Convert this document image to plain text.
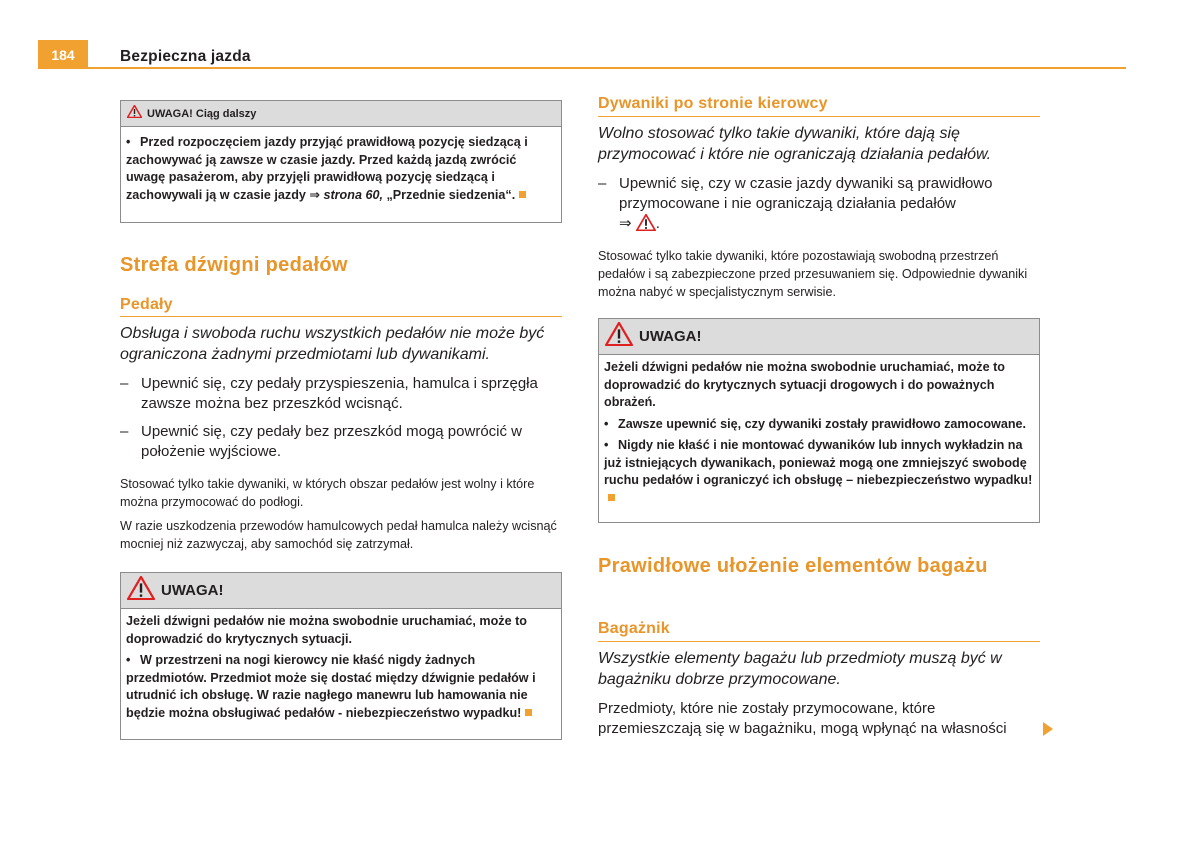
184	Bezpieczna jazda
UWAGA! Ciąg dalszy

• Przed rozpoczęciem jazdy przyjąć prawidłową pozycję siedzącą i zachowywać ją zawsze w czasie jazdy. Przed każdą jazdą zwrócić uwagę pasażerom, aby przyjęli prawidłową pozycję siedzącą i zachowywali ją w czasie jazdy ⇒ strona 60, „Przednie siedzenia“.

Strefa dźwigni pedałów
Pedały
Obsługa i swoboda ruchu wszystkich pedałów nie może być ograniczona żadnymi przedmiotami lub dywanikami.
– Upewnić się, czy pedały przyspieszenia, hamulca i sprzęgła zawsze można bez przeszkód wcisnąć.
– Upewnić się, czy pedały bez przeszkód mogą powrócić w położenie wyjściowe.
Stosować tylko takie dywaniki, w których obszar pedałów jest wolny i które można przymocować do podłogi.
W razie uszkodzenia przewodów hamulcowych pedał hamulca należy wcisnąć mocniej niż zazwyczaj, aby samochód się zatrzymał.
UWAGA!

Jeżeli dźwigni pedałów nie można swobodnie uruchamiać, może to doprowadzić do krytycznych sytuacji.

• W przestrzeni na nogi kierowcy nie kłaść nigdy żadnych przedmiotów. Przedmiot może się dostać między dźwignie pedałów i utrudnić ich obsługę. W razie nagłego manewru lub hamowania nie będzie można obsługiwać pedałów - niebezpieczeństwo wypadku!

Dywaniki po stronie kierowcy
Wolno stosować tylko takie dywaniki, które dają się przymocować i które nie ograniczają działania pedałów.
– Upewnić się, czy w czasie jazdy dywaniki są prawidłowo przymocowane i nie ograniczają działania pedałów
⇒ .
Stosować tylko takie dywaniki, które pozostawiają swobodną przestrzeń pedałów i są zabezpieczone przed przesuwaniem się. Odpowiednie dywaniki można nabyć w specjalistycznym serwisie.
UWAGA!

Jeżeli dźwigni pedałów nie można swobodnie uruchamiać, może to doprowadzić do krytycznych sytuacji drogowych i do poważnych obrażeń.

• Zawsze upewnić się, czy dywaniki zostały prawidłowo zamocowane.

• Nigdy nie kłaść i nie montować dywaników lub innych wykładzin na już istniejących dywanikach, ponieważ mogą one zmniejszyć swobodę ruchu pedałów i ograniczyć ich obsługę – niebezpieczeństwo wypadku!

Prawidłowe ułożenie elementów bagażu
Bagażnik
Wszystkie elementy bagażu lub przedmioty muszą być w bagażniku dobrze przymocowane.
Przedmioty, które nie zostały przymocowane, które przemieszczają się w bagażniku, mogą wpłynąć na własności
